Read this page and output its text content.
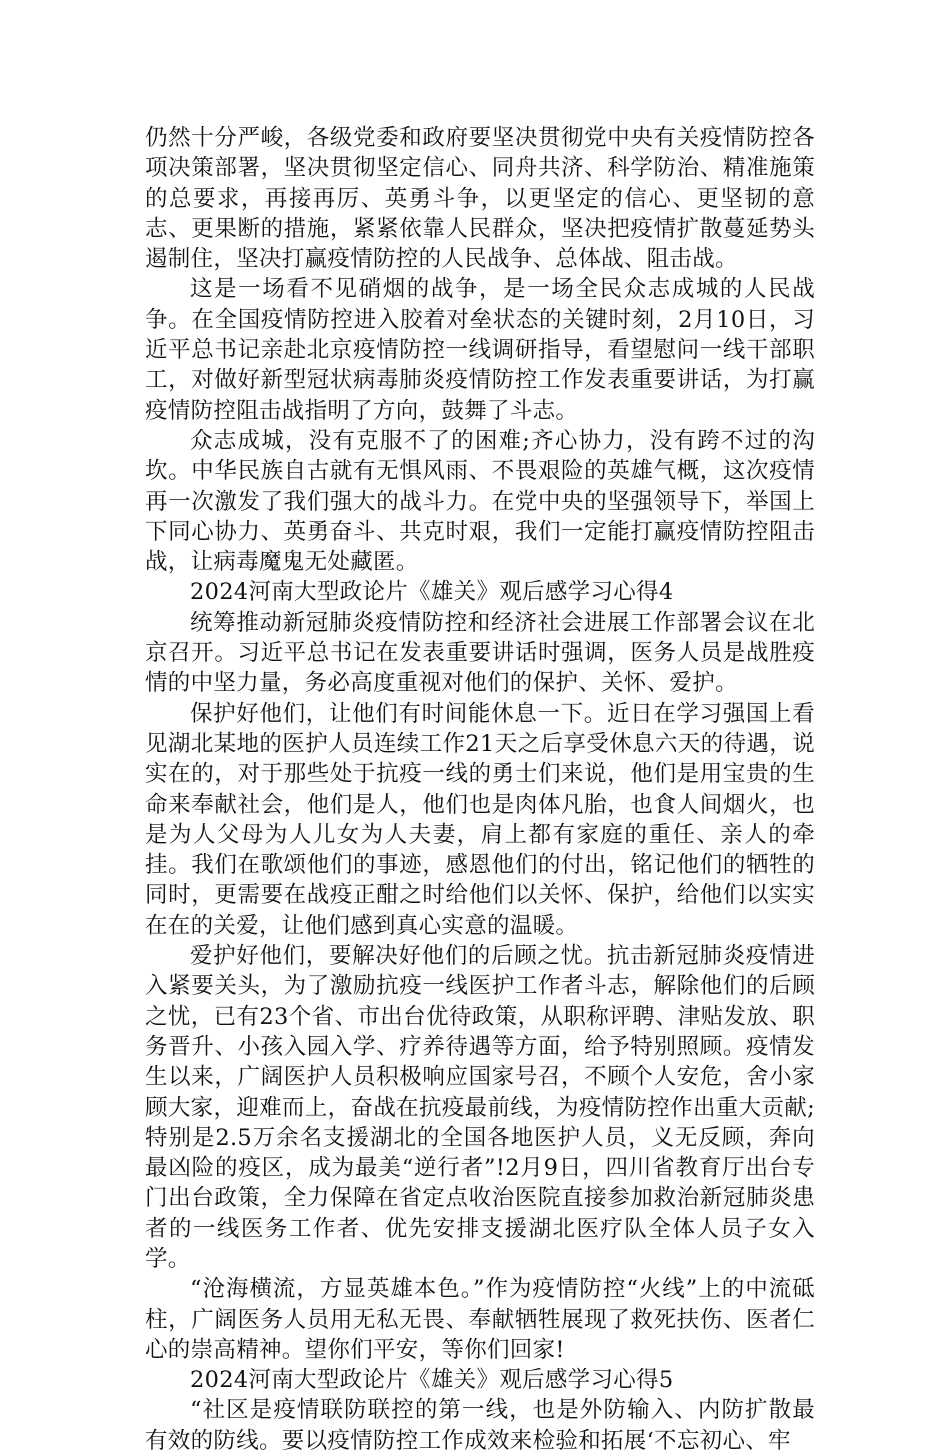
仍然十分严峻，各级党委和政府要坚决贯彻党中央有关疫情防控各项决策部署，坚决贯彻坚定信心、同舟共济、科学防治、精准施策的总要求，再接再厉、英勇斗争，以更坚定的信心、更坚韧的意志、更果断的措施，紧紧依靠人民群众，坚决把疫情扩散蔓延势头遏制住，坚决打赢疫情防控的人民战争、总体战、阻击战。

这是一场看不见硝烟的战争，是一场全民众志成城的人民战争。在全国疫情防控进入胶着对垒状态的关键时刻，2月10日，习近平总书记亲赴北京疫情防控一线调研指导，看望慰问一线干部职工，对做好新型冠状病毒肺炎疫情防控工作发表重要讲话，为打赢疫情防控阻击战指明了方向，鼓舞了斗志。

众志成城，没有克服不了的困难;齐心协力，没有跨不过的沟坎。中华民族自古就有无惧风雨、不畏艰险的英雄气概，这次疫情再一次激发了我们强大的战斗力。在党中央的坚强领导下，举国上下同心协力、英勇奋斗、共克时艰，我们一定能打赢疫情防控阻击战，让病毒魔鬼无处藏匿。

2024河南大型政论片《雄关》观后感学习心得4

统筹推动新冠肺炎疫情防控和经济社会进展工作部署会议在北京召开。习近平总书记在发表重要讲话时强调，医务人员是战胜疫情的中坚力量，务必高度重视对他们的保护、关怀、爱护。

保护好他们，让他们有时间能休息一下。近日在学习强国上看见湖北某地的医护人员连续工作21天之后享受休息六天的待遇，说实在的，对于那些处于抗疫一线的勇士们来说，他们是用宝贵的生命来奉献社会，他们是人，他们也是肉体凡胎，也食人间烟火，也是为人父母为人儿女为人夫妻，肩上都有家庭的重任、亲人的牵挂。我们在歌颂他们的事迹，感恩他们的付出，铭记他们的牺牲的同时，更需要在战疫正酣之时给他们以关怀、保护，给他们以实实在在的关爱，让他们感到真心实意的温暖。

爱护好他们，要解决好他们的后顾之忧。抗击新冠肺炎疫情进入紧要关头，为了激励抗疫一线医护工作者斗志，解除他们的后顾之忧，已有23个省、市出台优待政策，从职称评聘、津贴发放、职务晋升、小孩入园入学、疗养待遇等方面，给予特别照顾。疫情发生以来，广阔医护人员积极响应国家号召，不顾个人安危，舍小家顾大家，迎难而上，奋战在抗疫最前线，为疫情防控作出重大贡献;特别是2.5万余名支援湖北的全国各地医护人员，义无反顾，奔向最凶险的疫区，成为最美“逆行者”!2月9日，四川省教育厅出台专门出台政策，全力保障在省定点收治医院直接参加救治新冠肺炎患者的一线医务工作者、优先安排支援湖北医疗队全体人员子女入学。

“沧海横流，方显英雄本色。”作为疫情防控“火线”上的中流砥柱，广阔医务人员用无私无畏、奉献牺牲展现了救死扶伤、医者仁心的崇高精神。望你们平安，等你们回家!

2024河南大型政论片《雄关》观后感学习心得5

“社区是疫情联防联控的第一线，也是外防输入、内防扩散最有效的防线。要以疫情防控工作成效来检验和拓展‘不忘初心、牢
